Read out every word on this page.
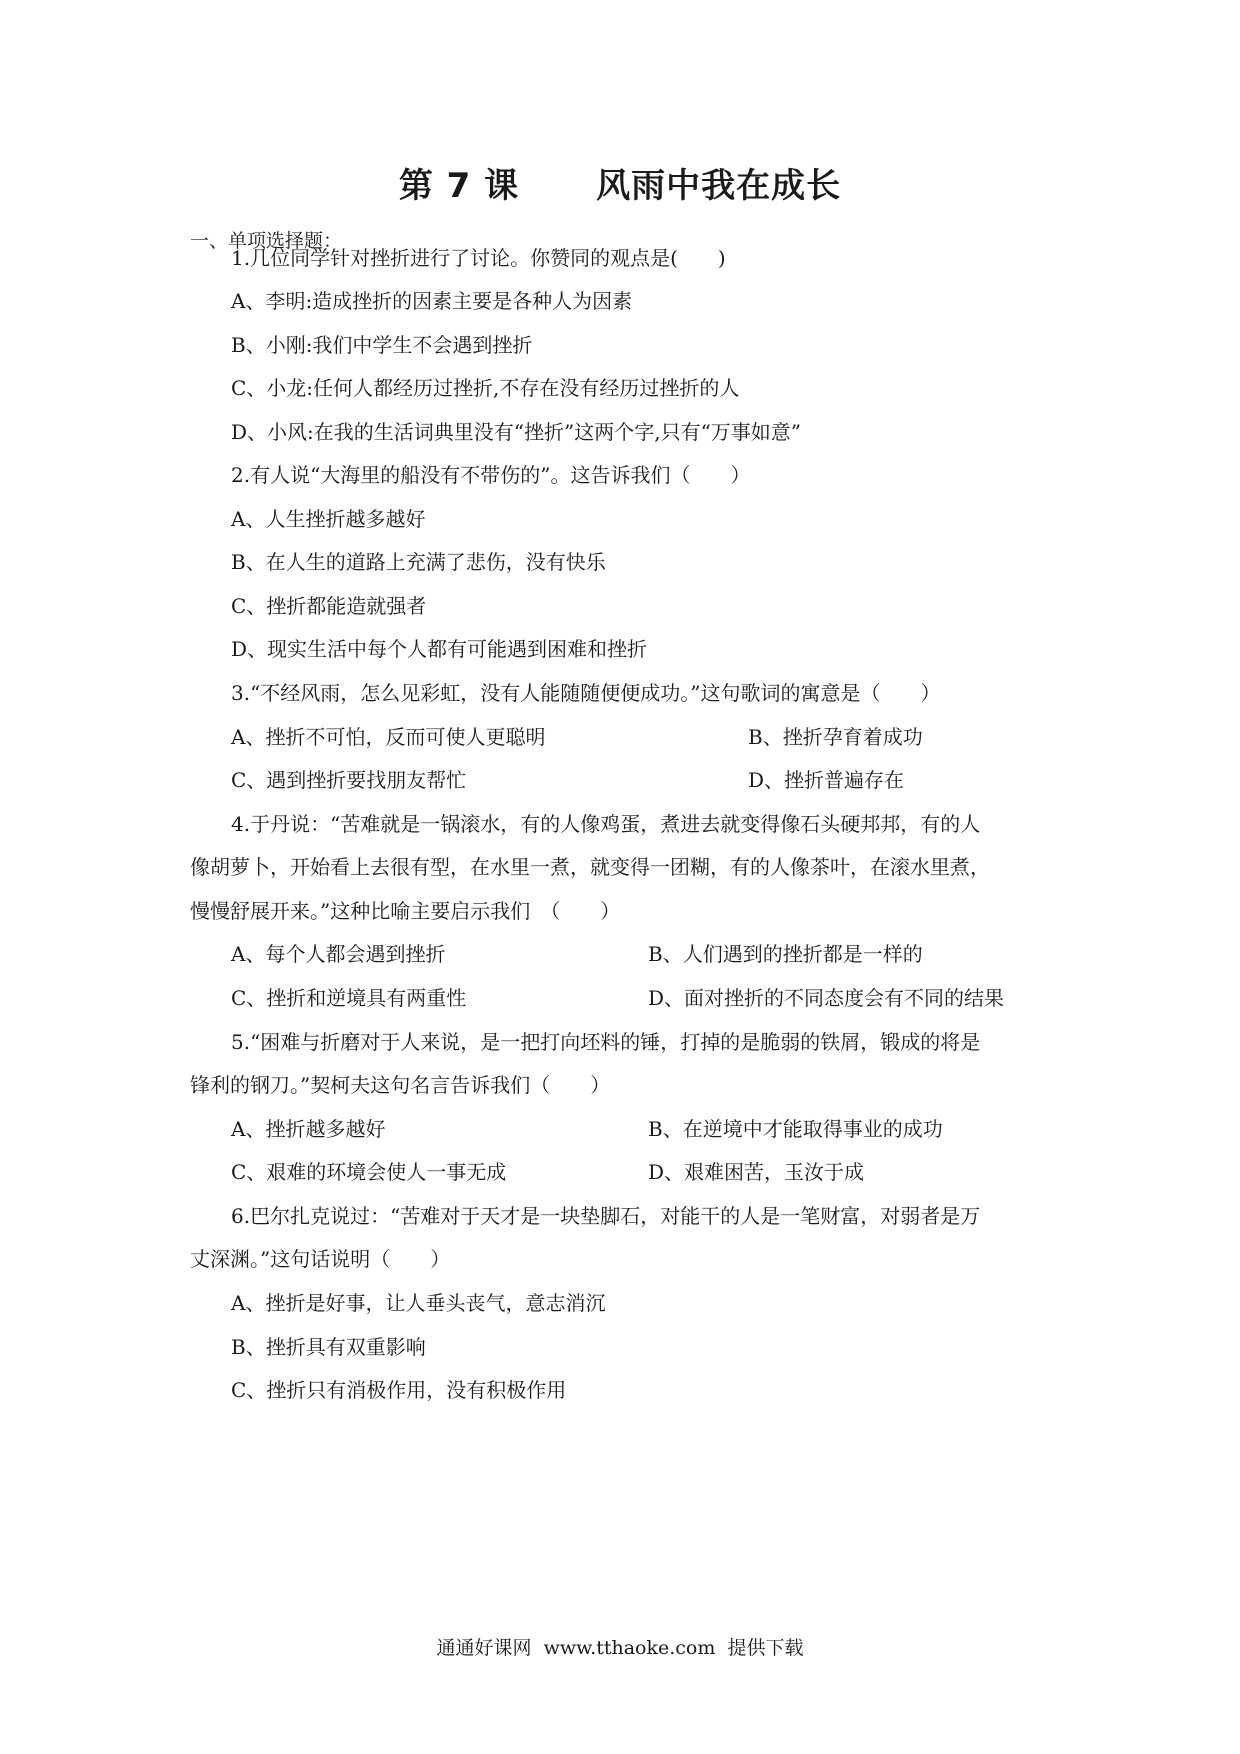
第 7 课      风雨中我在成长
一、单项选择题：
1.几位同学针对挫折进行了讨论。你赞同的观点是(　　)
A、李明:造成挫折的因素主要是各种人为因素
B、小刚:我们中学生不会遇到挫折
C、小龙:任何人都经历过挫折,不存在没有经历过挫折的人
D、小风:在我的生活词典里没有“挫折”这两个字,只有“万事如意”
2.有人说“大海里的船没有不带伤的”。这告诉我们（　　）
A、人生挫折越多越好
B、在人生的道路上充满了悲伤，没有快乐
C、挫折都能造就强者
D、现实生活中每个人都有可能遇到困难和挫折
3.“不经风雨，怎么见彩虹，没有人能随随便便成功。”这句歌词的寓意是（　　）
A、挫折不可怕，反而可使人更聪明	B、挫折孕育着成功
C、遇到挫折要找朋友帮忙	D、挫折普遍存在
4.于丹说：“苦难就是一锅滚水，有的人像鸡蛋，煮进去就变得像石头硬邦邦，有的人
像胡萝卜，开始看上去很有型，在水里一煮，就变得一团糊，有的人像茶叶，在滚水里煮，
慢慢舒展开来。”这种比喻主要启示我们　（　　）
A、每个人都会遇到挫折	B、人们遇到的挫折都是一样的
C、挫折和逆境具有两重性	D、面对挫折的不同态度会有不同的结果
5.“困难与折磨对于人来说，是一把打向坯料的锤，打掉的是脆弱的铁屑，锻成的将是
锋利的钢刀。”契柯夫这句名言告诉我们（　　）
A、挫折越多越好	B、在逆境中才能取得事业的成功
C、艰难的环境会使人一事无成	D、艰难困苦，玉汝于成
6.巴尔扎克说过：“苦难对于天才是一块垫脚石，对能干的人是一笔财富，对弱者是万
丈深渊。”这句话说明（　　）
A、挫折是好事，让人垂头丧气，意志消沉
B、挫折具有双重影响
C、挫折只有消极作用，没有积极作用
通通好课网  www.tthaoke.com  提供下载
